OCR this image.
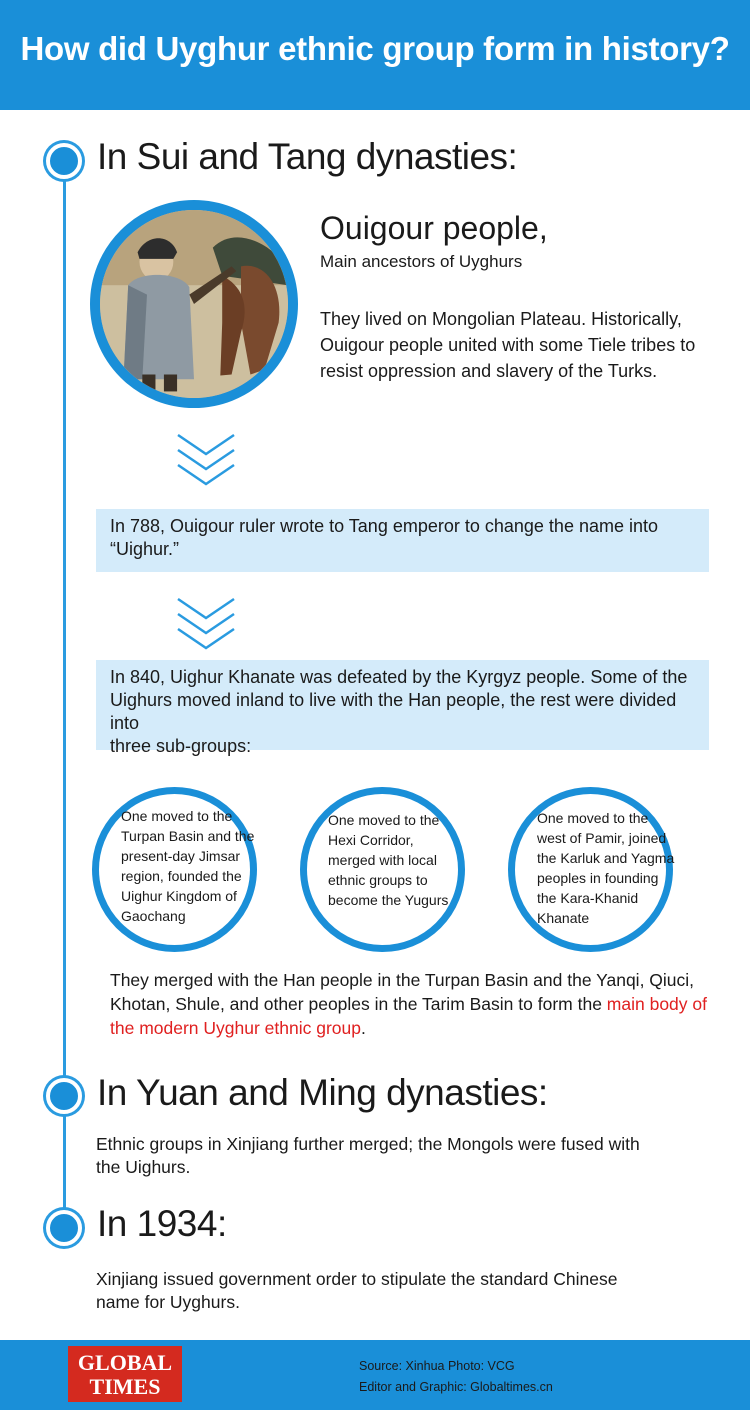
How did Uyghur ethnic group form in history?
In Sui and Tang dynasties:
Ouigour people,
Main ancestors of Uyghurs
They lived on Mongolian Plateau. Historically,
Ouigour people united with some Tiele tribes to
resist oppression and slavery of the Turks.
In 788, Ouigour ruler wrote to Tang emperor to change the name into
“Uighur.”
In 840, Uighur Khanate was defeated by the Kyrgyz people. Some of the
Uighurs moved inland to live with the Han people, the rest were divided into
three sub-groups:
One moved to the
Turpan Basin and the
present-day Jimsar
region, founded the
Uighur Kingdom of
Gaochang
One moved to the
Hexi Corridor,
merged with local
ethnic groups to
become the Yugurs
One moved to the
west of Pamir, joined
the Karluk and Yagma
peoples in founding
the Kara-Khanid
Khanate
They merged with the Han people in the Turpan Basin and the Yanqi, Qiuci,
Khotan, Shule, and other peoples in the Tarim Basin to form the main body of
the modern Uyghur ethnic group.
In Yuan and Ming dynasties:
Ethnic groups in Xinjiang further merged; the Mongols were fused with
the Uighurs.
In 1934:
Xinjiang issued government order to stipulate the standard Chinese
name for Uyghurs.
GLOBAL
TIMES
Source: Xinhua Photo: VCG
Editor and Graphic: Globaltimes.cn
